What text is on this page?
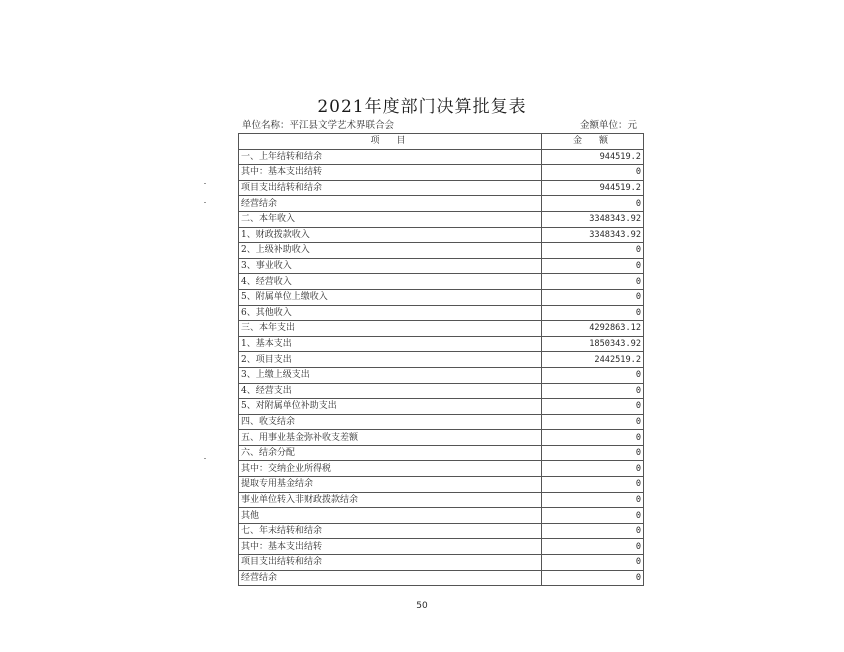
2021年度部门决算批复表
单位名称：平江县文学艺术界联合会	金额单位：元
项　目	金　额
一、上年结转和结余	944519.2
其中：基本支出结转	0
项目支出结转和结余	944519.2
经营结余	0
二、本年收入	3348343.92
1、财政拨款收入	3348343.92
2、上级补助收入	0
3、事业收入	0
4、经营收入	0
5、附属单位上缴收入	0
6、其他收入	0
三、本年支出	4292863.12
1、基本支出	1850343.92
2、项目支出	2442519.2
3、上缴上级支出	0
4、经营支出	0
5、对附属单位补助支出	0
四、收支结余	0
五、用事业基金弥补收支差额	0
六、结余分配	0
其中：交纳企业所得税	0
提取专用基金结余	0
事业单位转入非财政拨款结余	0
其他	0
七、年末结转和结余	0
其中：基本支出结转	0
项目支出结转和结余	0
经营结余	0
50
